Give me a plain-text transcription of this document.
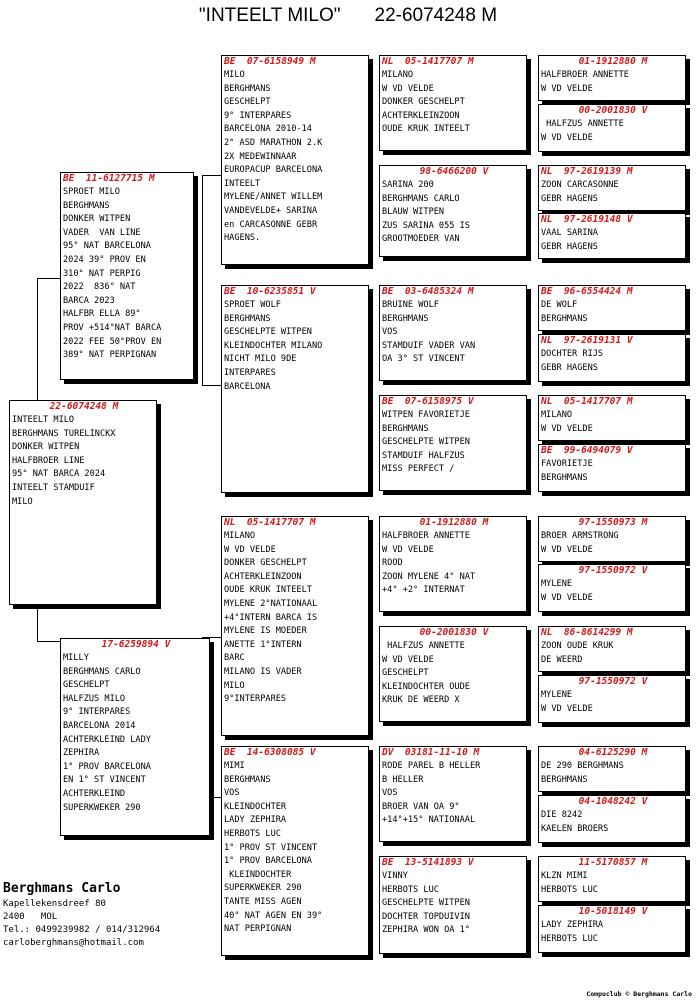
"INTEELT MILO" 22-6074248 M
BE 11-6127715 M
SPROET MILO
BERGHMANS
DONKER WITPEN
VADER  VAN LINE
95° NAT BARCELONA
2024 39° PROV EN
310° NAT PERPIG
2022  836° NAT
BARCA 2023
HALFBR ELLA 89°
PROV +514°NAT BARCA
2022 FEE 50°PROV EN
389° NAT PERPIGNAN
22-6074248 M
INTEELT MILO
BERGHMANS TURELINCKX
DONKER WITPEN
HALFBROER LINE
95° NAT BARCA 2024
INTEELT STAMDUIF
MILO
17-6259894 V
MILLY
BERGHMANS CARLO
GESCHELPT
HALFZUS MILO
9° INTERPARES
BARCELONA 2014
ACHTERKLEIND LADY
ZEPHIRA
1° PROV BARCELONA
EN 1° ST VINCENT
ACHTERKLEIND
SUPERKWEKER 290
BE 07-6158949 M
MILO
BERGHMANS
GESCHELPT
9° INTERPARES
BARCELONA 2010-14
2° ASD MARATHON 2.K
2X MEDEWINNAAR
EUROPACUP BARCELONA
INTEELT
MYLENE/ANNET WILLEM
VANDEVELDE+ SARINA
en CARCASONNE GEBR
HAGENS.
BE 10-6235851 V
SPROET WOLF
BERGHMANS
GESCHELPTE WITPEN
KLEINDOCHTER MILANO
NICHT MILO 9DE
INTERPARES
BARCELONA
NL 05-1417707 M
MILANO
W VD VELDE
DONKER GESCHELPT
ACHTERKLEINZOON
OUDE KRUK INTEELT
MYLENE 2°NATIONAAL
+4°INTERN BARCA IS
MYLENE IS MOEDER
ANETTE 1°INTERN
BARC
MILANO IS VADER
MILO
9°INTERPARES
BE 14-6308085 V
MIMI
BERGHMANS
VOS
KLEINDOCHTER
LADY ZEPHIRA
HERBOTS LUC
1° PROV ST VINCENT
1° PROV BARCELONA
KLEINDOCHTER
SUPERKWEKER 290
TANTE MISS AGEN
40° NAT AGEN EN 39°
NAT PERPIGNAN
NL 05-1417707 M
MILANO
W VD VELDE
DONKER GESCHELPT
ACHTERKLEINZOON
OUDE KRUK INTEELT
98-6466200 V
SARINA 200
BERGHMANS CARLO
BLAUW WITPEN
ZUS SARINA 055 IS
GROOTMOEDER VAN
BE 03-6485324 M
BRUINE WOLF
BERGHMANS
VOS
STAMDUIF VADER VAN
OA 3° ST VINCENT
BE 07-6158975 V
WITPEN FAVORIETJE
BERGHMANS
GESCHELPTE WITPEN
STAMDUIF HALFZUS
MISS PERFECT /
01-1912880 M
HALFBROER ANNETTE
W VD VELDE
ROOD
ZOON MYLENE 4° NAT
+4° +2° INTERNAT
00-2001830 V
HALFZUS ANNETTE
W VD VELDE
GESCHELPT
KLEINDOCHTER OUDE
KRUK DE WEERD X
DV 03181-11-10 M
RODE PAREL B HELLER
B HELLER
VOS
BROER VAN OA 9°
+14°+15° NATIONAAL
BE 13-5141893 V
VINNY
HERBOTS LUC
GESCHELPTE WITPEN
DOCHTER TOPDUIVIN
ZEPHIRA WON OA 1°
01-1912880 M
HALFBROER ANNETTE
W VD VELDE
00-2001830 V
HALFZUS ANNETTE
W VD VELDE
NL 97-2619139 M
ZOON CARCASONNE
GEBR HAGENS
NL 97-2619148 V
VAAL SARINA
GEBR HAGENS
BE 96-6554424 M
DE WOLF
BERGHMANS
NL 97-2619131 V
DOCHTER RIJS
GEBR HAGENS
NL 05-1417707 M
MILANO
W VD VELDE
BE 99-6494079 V
FAVORIETJE
BERGHMANS
97-1550973 M
BROER ARMSTRONG
W VD VELDE
97-1550972 V
MYLENE
W VD VELDE
NL 86-8614299 M
ZOON OUDE KRUK
DE WEERD
97-1550972 V
MYLENE
W VD VELDE
04-6125290 M
DE 290 BERGHMANS
BERGHMANS
04-1048242 V
DIE 8242
KAELEN BROERS
11-5170857 M
KLZN MIMI
HERBOTS LUC
10-5018149 V
LADY ZEPHIRA
HERBOTS LUC
Berghmans Carlo
Kapellekensdreef 80
2400   MOL
Tel.: 0499239982 / 014/312964
carloberghmans@hotmail.com
Compuclub © Berghmans Carlo
